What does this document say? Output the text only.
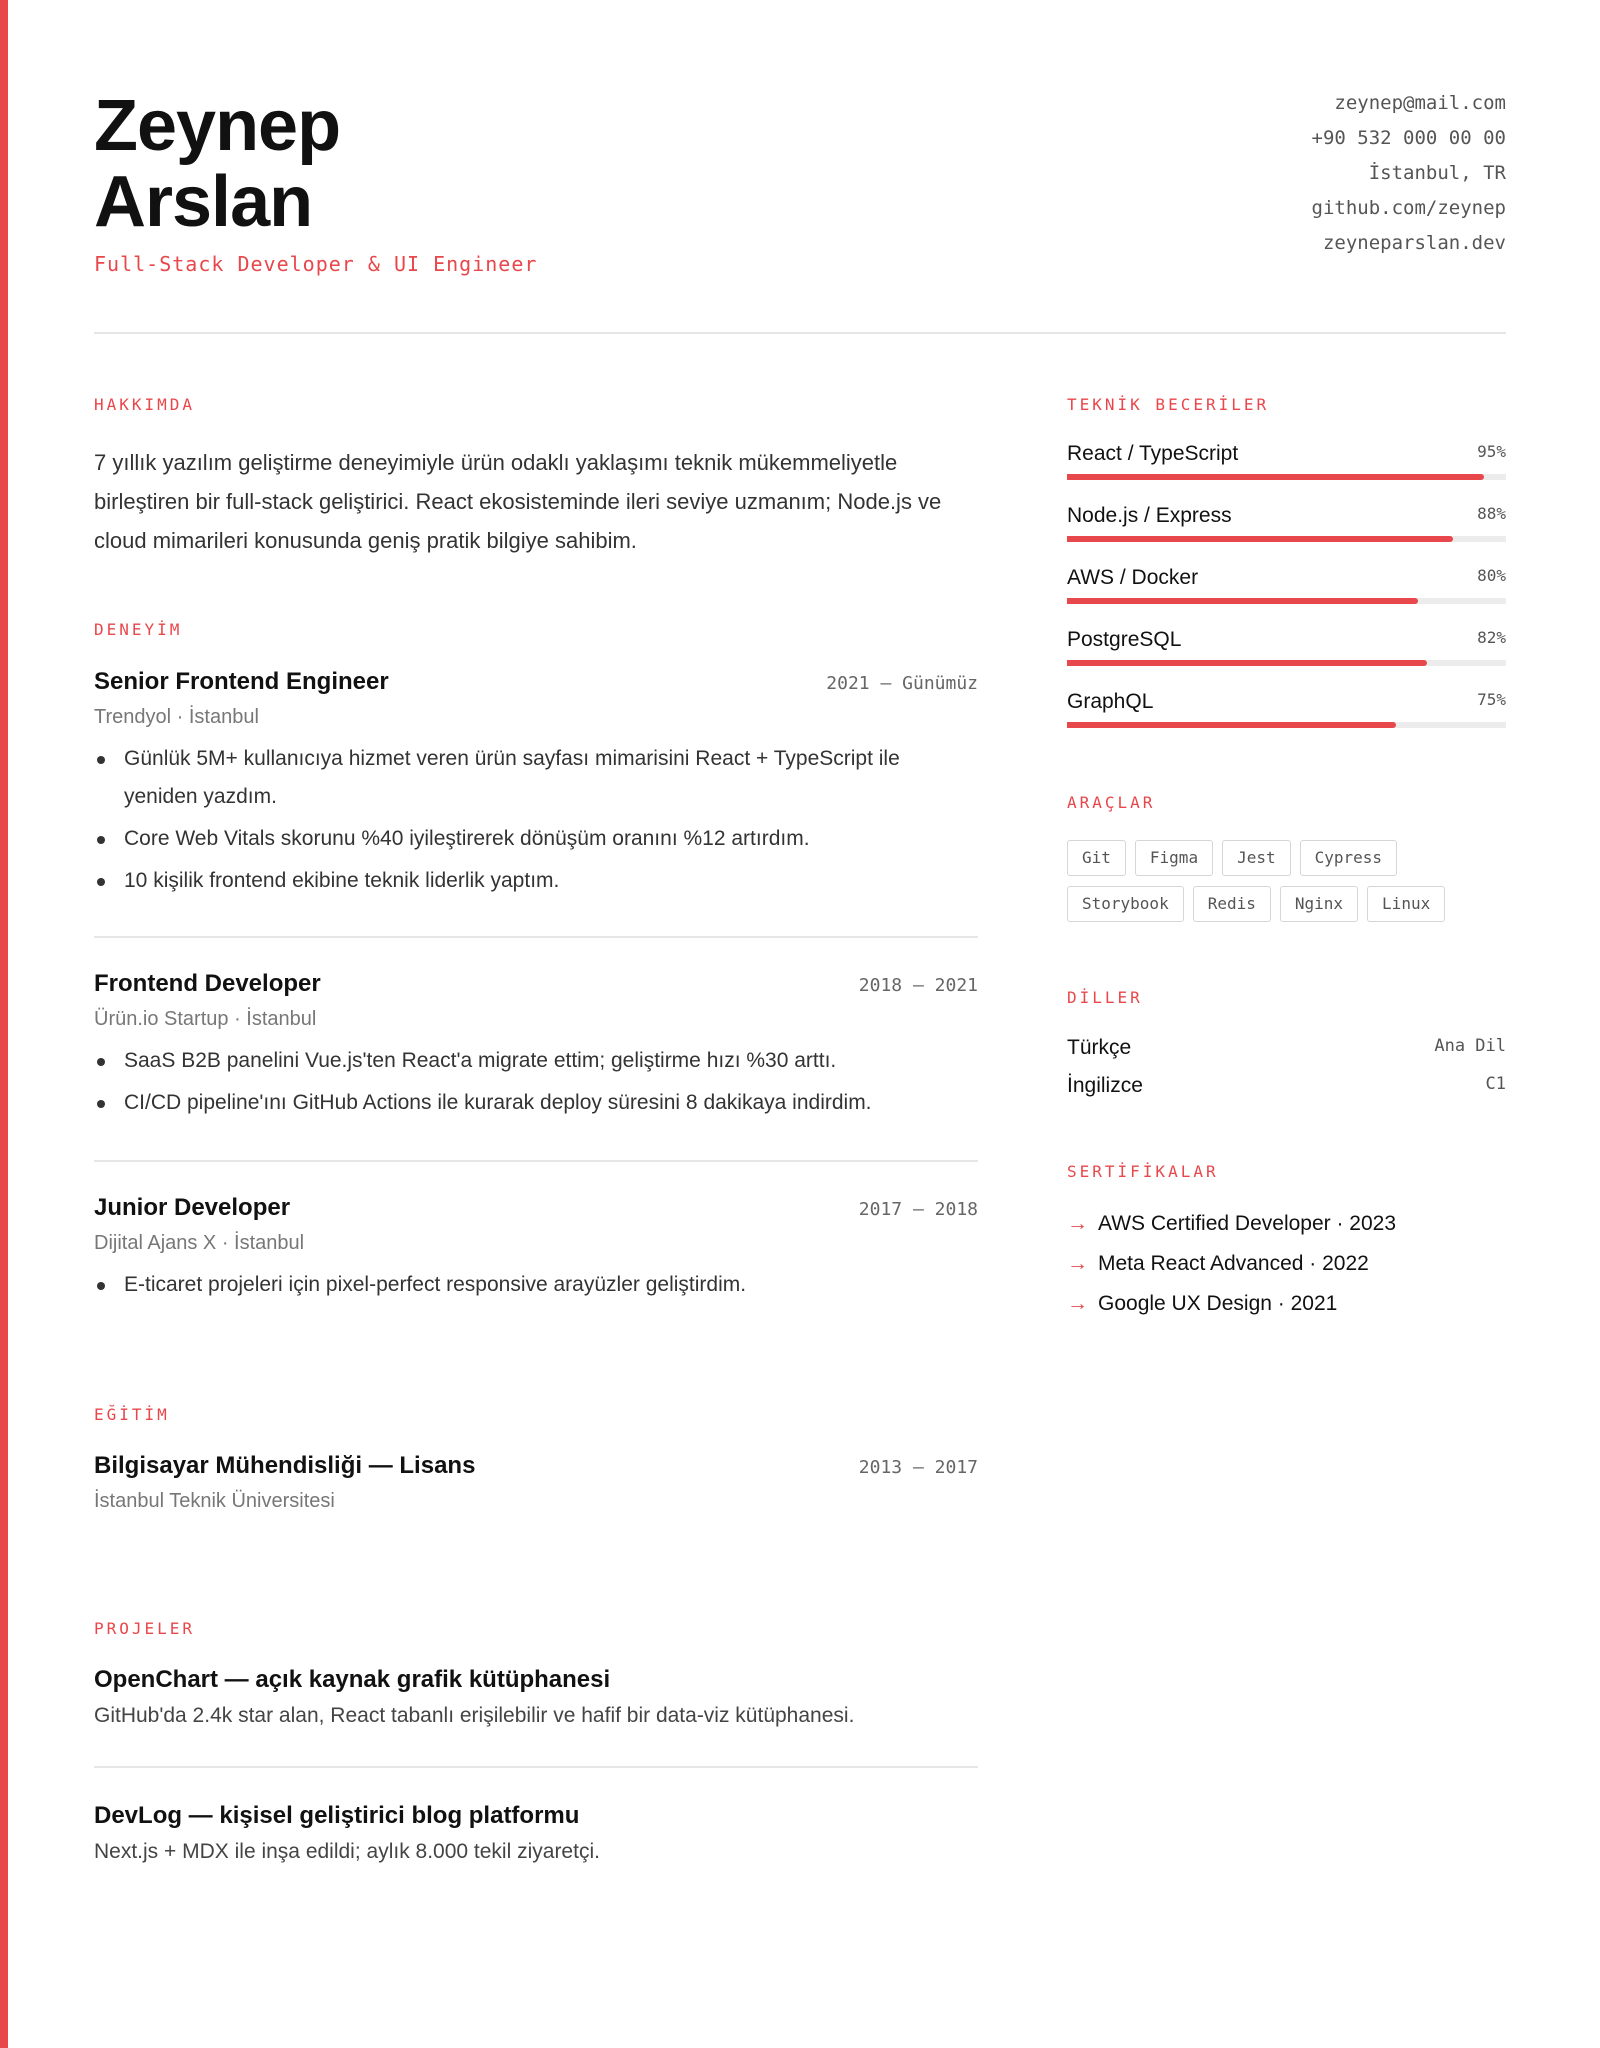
Zeynep
Arslan
Full-Stack Developer & UI Engineer
zeynep@mail.com
+90 532 000 00 00
İstanbul, TR
github.com/zeynep
zeyneparslan.dev
HAKKIMDA

7 yıllık yazılım geliştirme deneyimiyle ürün odaklı yaklaşımı teknik mükemmeliyetle birleştiren bir full-stack geliştirici. React ekosisteminde ileri seviye uzmanım; Node.js ve cloud mimarileri konusunda geniş pratik bilgiye sahibim.

DENEYİM
Senior Frontend Engineer	2021 – Günümüz
Trendyol · İstanbul
Günlük 5M+ kullanıcıya hizmet veren ürün sayfası mimarisini React + TypeScript ile yeniden yazdım.
Core Web Vitals skorunu %40 iyileştirerek dönüşüm oranını %12 artırdım.
10 kişilik frontend ekibine teknik liderlik yaptım.
Frontend Developer	2018 – 2021
Ürün.io Startup · İstanbul
SaaS B2B panelini Vue.js'ten React'a migrate ettim; geliştirme hızı %30 arttı.
CI/CD pipeline'ını GitHub Actions ile kurarak deploy süresini 8 dakikaya indirdim.
Junior Developer	2017 – 2018
Dijital Ajans X · İstanbul
E-ticaret projeleri için pixel-perfect responsive arayüzler geliştirdim.
EĞİTİM
Bilgisayar Mühendisliği — Lisans	2013 – 2017
İstanbul Teknik Üniversitesi
PROJELER
OpenChart — açık kaynak grafik kütüphanesi
GitHub'da 2.4k star alan, React tabanlı erişilebilir ve hafif bir data-viz kütüphanesi.
DevLog — kişisel geliştirici blog platformu
Next.js + MDX ile inşa edildi; aylık 8.000 tekil ziyaretçi.
TEKNİK BECERİLER
React / TypeScript	95%
Node.js / Express	88%
AWS / Docker	80%
PostgreSQL	82%
GraphQL	75%
ARAÇLAR
Git	Figma	Jest	Cypress
Storybook	Redis	Nginx	Linux
DİLLER
Türkçe	Ana Dil
İngilizce	C1
SERTİFİKALAR
→ AWS Certified Developer · 2023
→ Meta React Advanced · 2022
→ Google UX Design · 2021
